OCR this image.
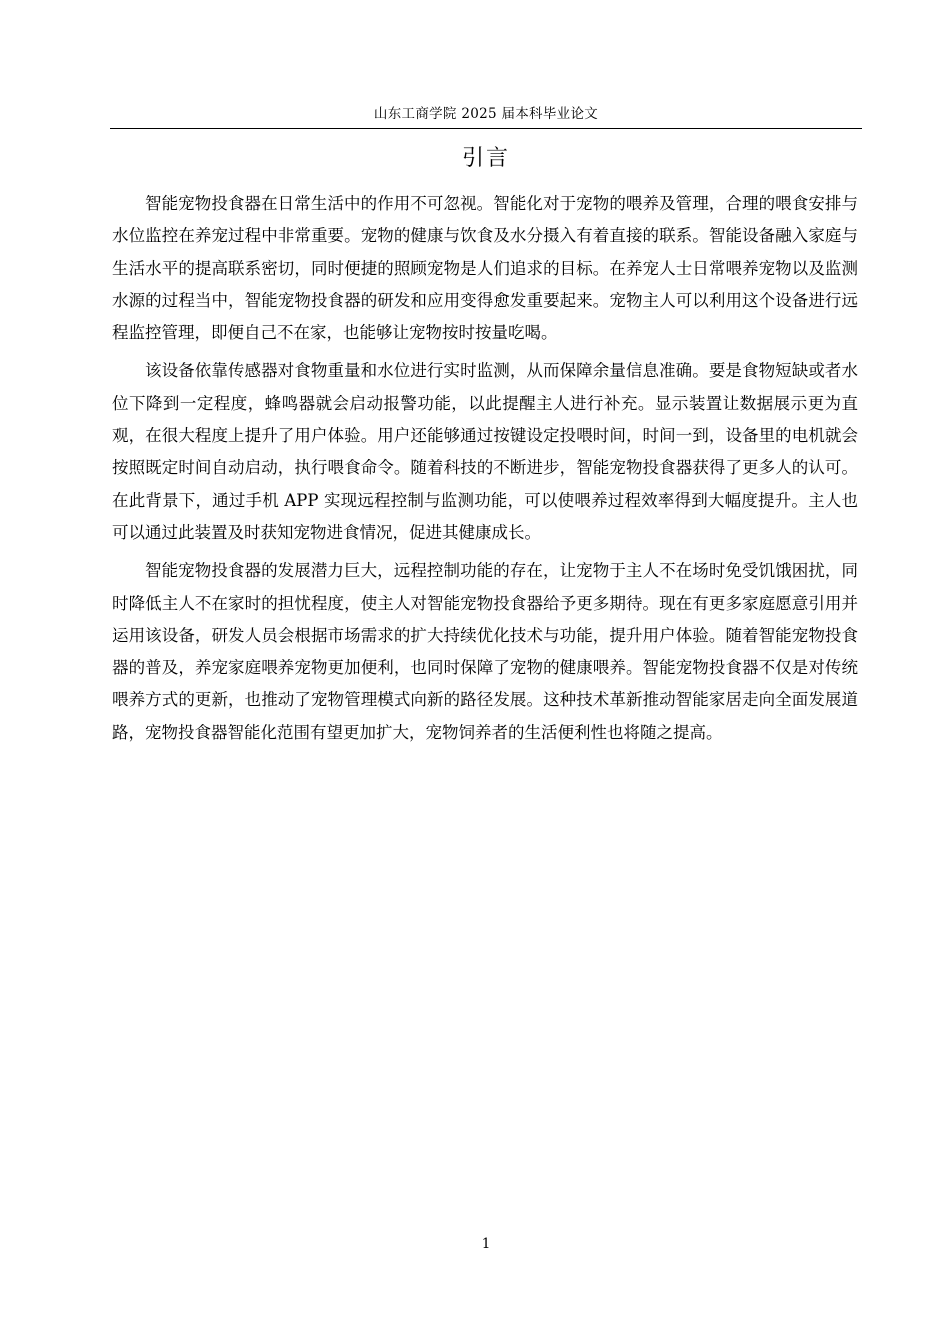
山东工商学院 2025 届本科毕业论文
引言

智能宠物投食器在日常生活中的作用不可忽视。智能化对于宠物的喂养及管理，合理的喂食安排与水位监控在养宠过程中非常重要。宠物的健康与饮食及水分摄入有着直接的联系。智能设备融入家庭与生活水平的提高联系密切，同时便捷的照顾宠物是人们追求的目标。在养宠人士日常喂养宠物以及监测水源的过程当中，智能宠物投食器的研发和应用变得愈发重要起来。宠物主人可以利用这个设备进行远程监控管理，即便自己不在家，也能够让宠物按时按量吃喝。

该设备依靠传感器对食物重量和水位进行实时监测，从而保障余量信息准确。要是食物短缺或者水位下降到一定程度，蜂鸣器就会启动报警功能，以此提醒主人进行补充。显示装置让数据展示更为直观，在很大程度上提升了用户体验。用户还能够通过按键设定投喂时间，时间一到，设备里的电机就会按照既定时间自动启动，执行喂食命令。随着科技的不断进步，智能宠物投食器获得了更多人的认可。在此背景下，通过手机 APP 实现远程控制与监测功能，可以使喂养过程效率得到大幅度提升。主人也可以通过此装置及时获知宠物进食情况，促进其健康成长。

智能宠物投食器的发展潜力巨大，远程控制功能的存在，让宠物于主人不在场时免受饥饿困扰，同时降低主人不在家时的担忧程度，使主人对智能宠物投食器给予更多期待。现在有更多家庭愿意引用并运用该设备，研发人员会根据市场需求的扩大持续优化技术与功能，提升用户体验。随着智能宠物投食器的普及，养宠家庭喂养宠物更加便利，也同时保障了宠物的健康喂养。智能宠物投食器不仅是对传统喂养方式的更新，也推动了宠物管理模式向新的路径发展。这种技术革新推动智能家居走向全面发展道路，宠物投食器智能化范围有望更加扩大，宠物饲养者的生活便利性也将随之提高。

1
